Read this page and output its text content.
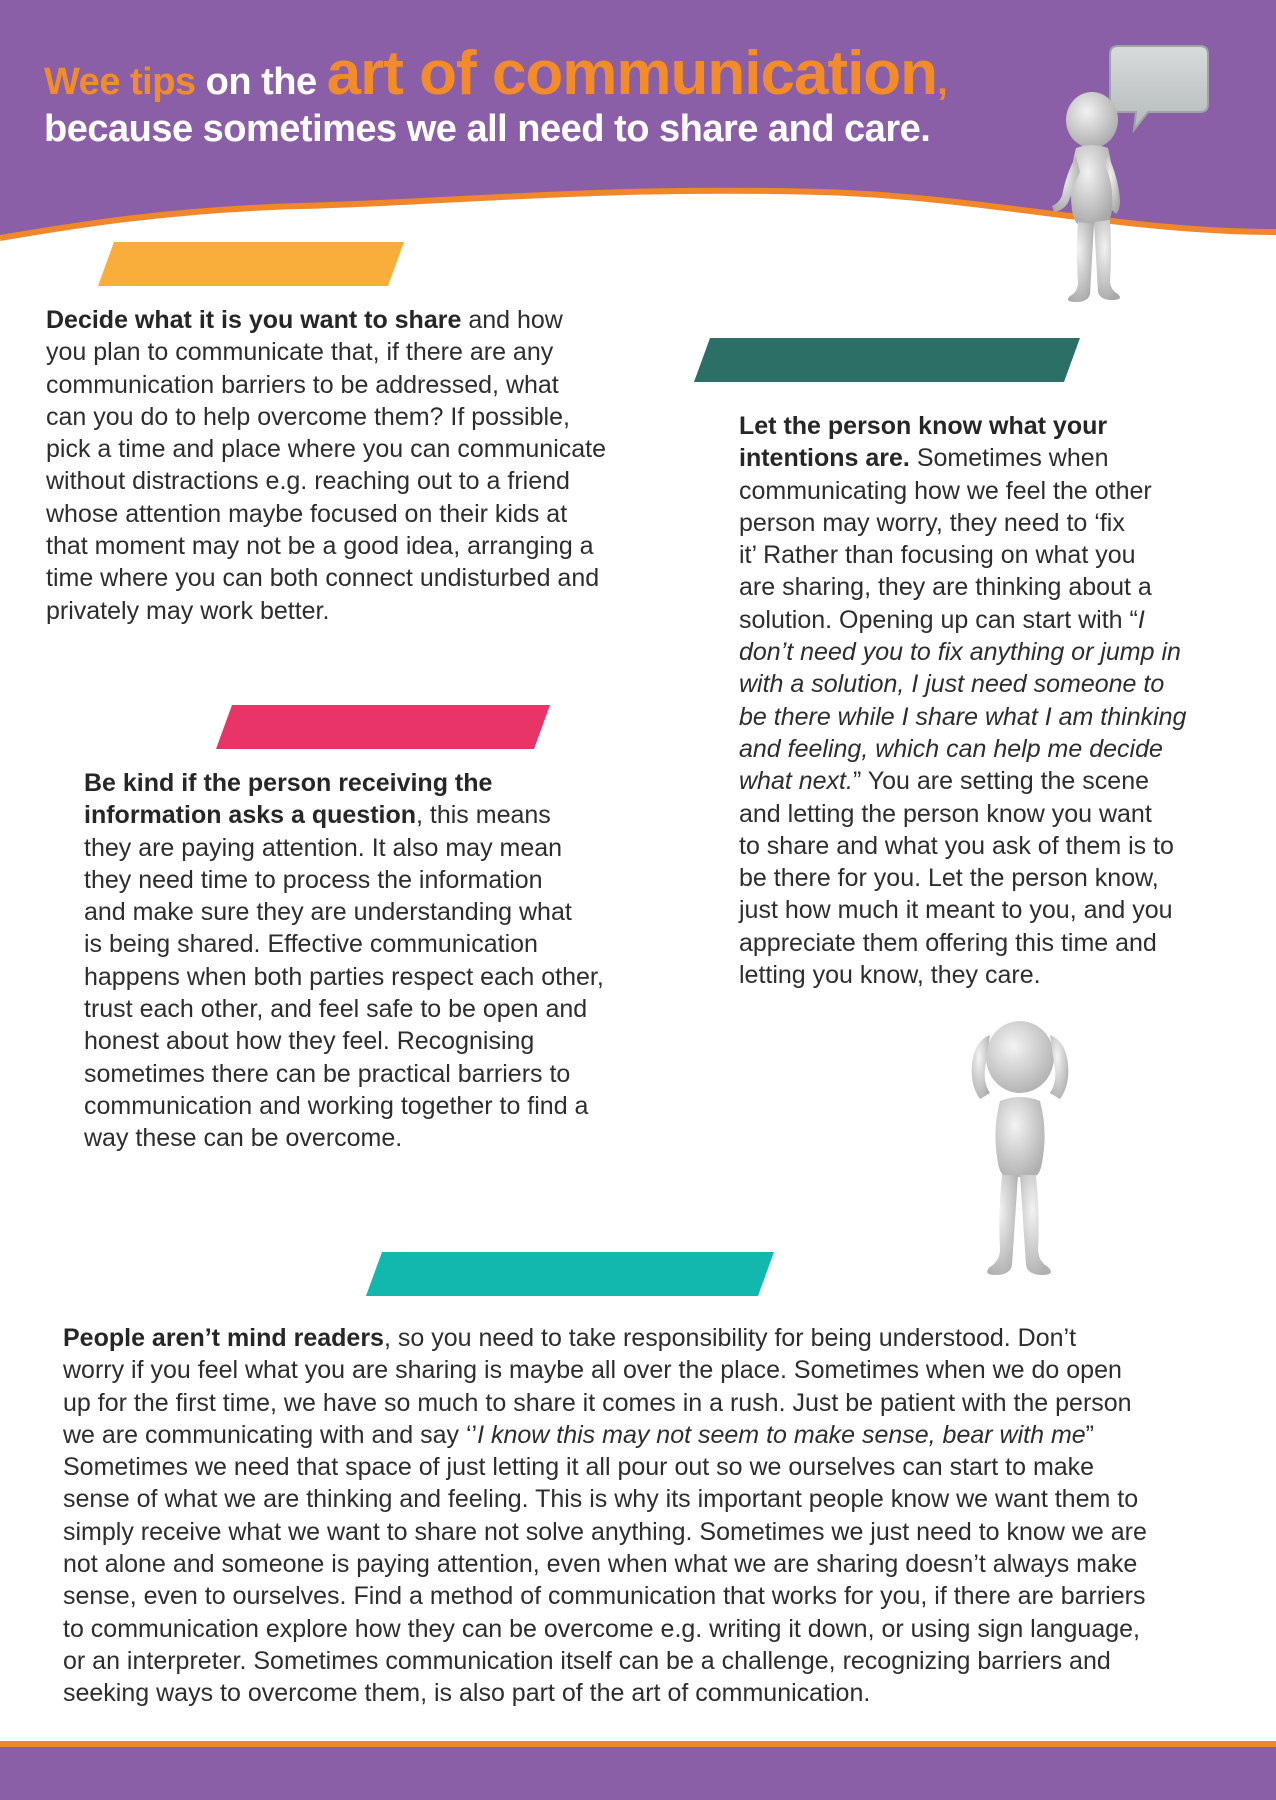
Wee tips on the art of communication,
because sometimes we all need to share and care.
Decide what it is you want to share and how
you plan to communicate that, if there are any
communication barriers to be addressed, what
can you do to help overcome them? If possible,
pick a time and place where you can communicate
without distractions e.g. reaching out to a friend
whose attention maybe focused on their kids at
that moment may not be a good idea, arranging a
time where you can both connect undisturbed and
privately may work better.
Let the person know what your
intentions are. Sometimes when
communicating how we feel the other
person may worry, they need to ‘fix
it’ Rather than focusing on what you
are sharing, they are thinking about a
solution. Opening up can start with “I
don’t need you to fix anything or jump in
with a solution, I just need someone to
be there while I share what I am thinking
and feeling, which can help me decide
what next.” You are setting the scene
and letting the person know you want
to share and what you ask of them is to
be there for you. Let the person know,
just how much it meant to you, and you
appreciate them offering this time and
letting you know, they care.
Be kind if the person receiving the
information asks a question, this means
they are paying attention. It also may mean
they need time to process the information
and make sure they are understanding what
is being shared. Effective communication
happens when both parties respect each other,
trust each other, and feel safe to be open and
honest about how they feel. Recognising
sometimes there can be practical barriers to
communication and working together to find a
way these can be overcome.
People aren’t mind readers, so you need to take responsibility for being understood. Don’t
worry if you feel what you are sharing is maybe all over the place. Sometimes when we do open
up for the first time, we have so much to share it comes in a rush. Just be patient with the person
we are communicating with and say ‘’I know this may not seem to make sense, bear with me”
Sometimes we need that space of just letting it all pour out so we ourselves can start to make
sense of what we are thinking and feeling. This is why its important people know we want them to
simply receive what we want to share not solve anything. Sometimes we just need to know we are
not alone and someone is paying attention, even when what we are sharing doesn’t always make
sense, even to ourselves. Find a method of communication that works for you, if there are barriers
to communication explore how they can be overcome e.g. writing it down, or using sign language,
or an interpreter. Sometimes communication itself can be a challenge, recognizing barriers and
seeking ways to overcome them, is also part of the art of communication.
